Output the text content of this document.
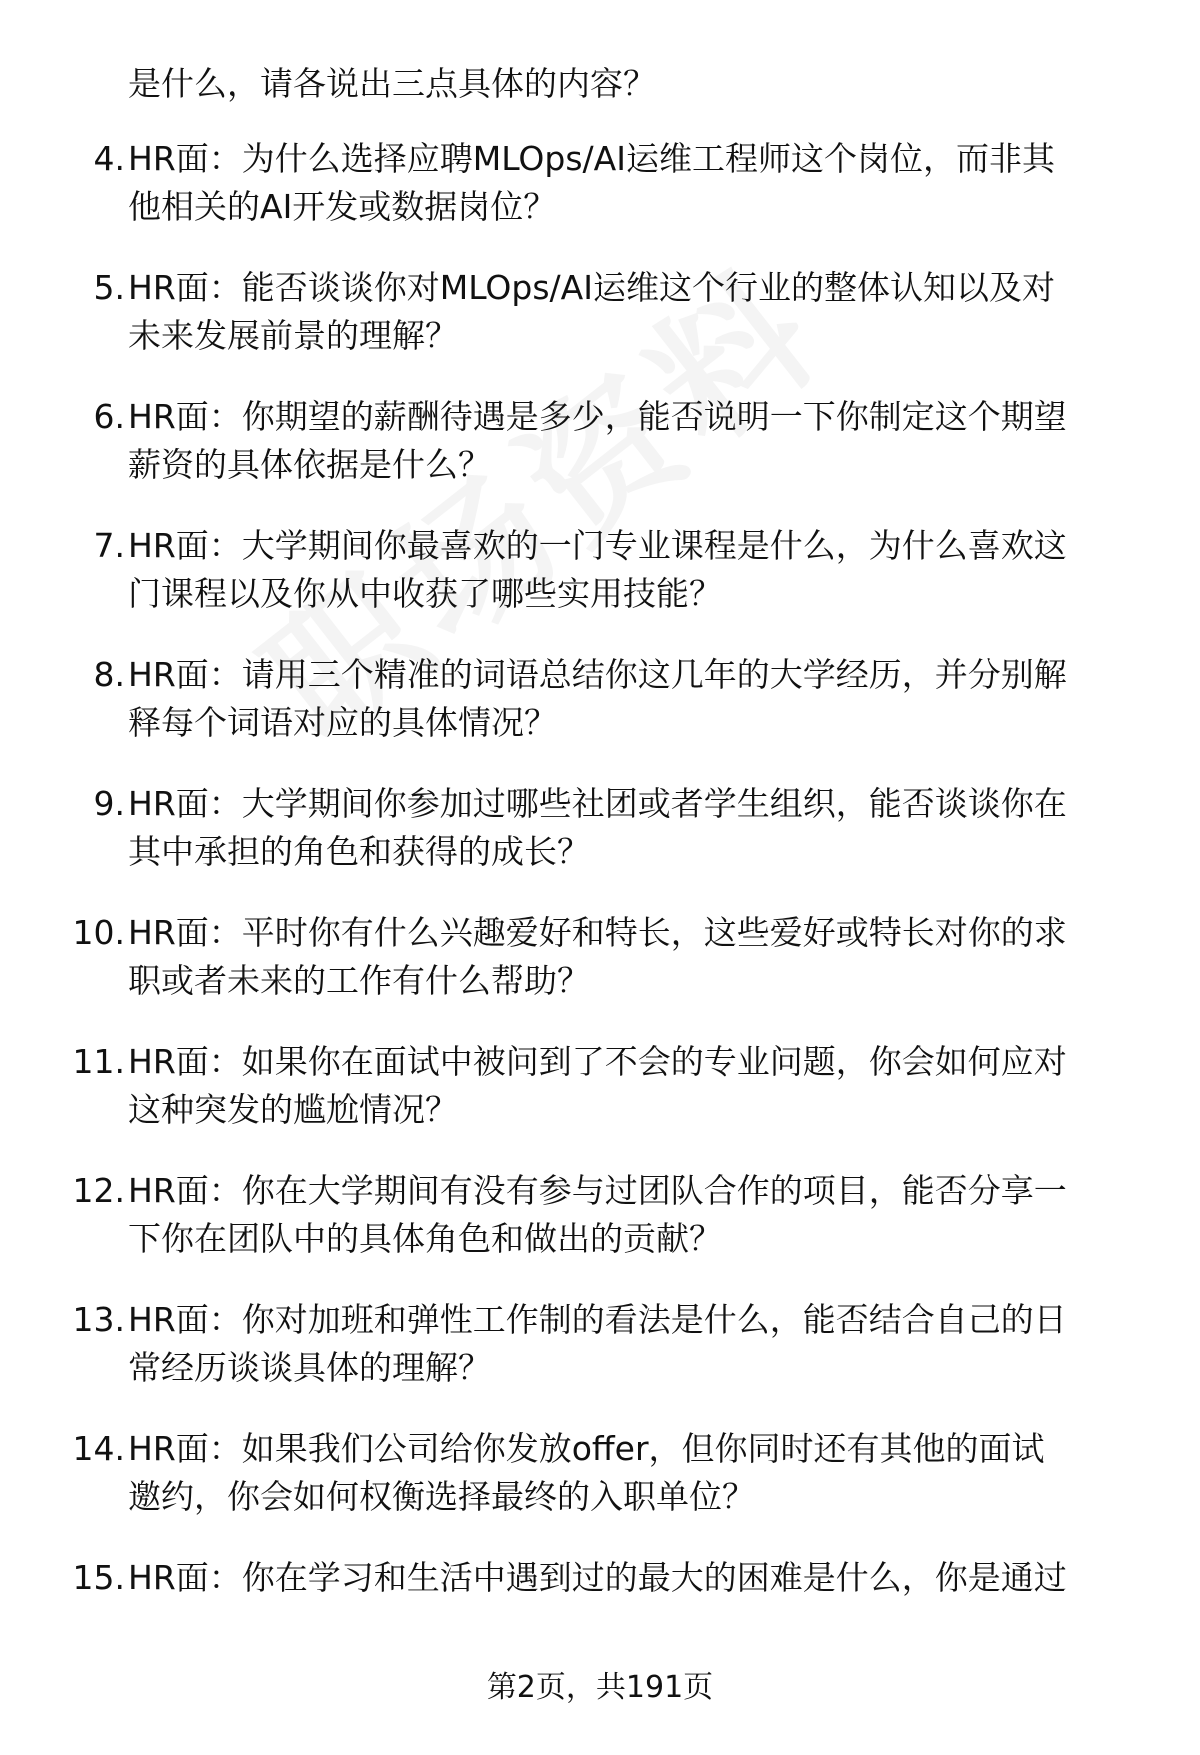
是什么，请各说出三点具体的内容？
4. HR面：为什么选择应聘MLOps/AI运维工程师这个岗位，而非其
他相关的AI开发或数据岗位？
5. HR面：能否谈谈你对MLOps/AI运维这个行业的整体认知以及对
未来发展前景的理解？
6. HR面：你期望的薪酬待遇是多少，能否说明一下你制定这个期望
薪资的具体依据是什么？
7. HR面：大学期间你最喜欢的一门专业课程是什么，为什么喜欢这
门课程以及你从中收获了哪些实用技能？
8. HR面：请用三个精准的词语总结你这几年的大学经历，并分别解
释每个词语对应的具体情况？
9. HR面：大学期间你参加过哪些社团或者学生组织，能否谈谈你在
其中承担的角色和获得的成长？
10. HR面：平时你有什么兴趣爱好和特长，这些爱好或特长对你的求
职或者未来的工作有什么帮助？
11. HR面：如果你在面试中被问到了不会的专业问题，你会如何应对
这种突发的尴尬情况？
12. HR面：你在大学期间有没有参与过团队合作的项目，能否分享一
下你在团队中的具体角色和做出的贡献？
13. HR面：你对加班和弹性工作制的看法是什么，能否结合自己的日
常经历谈谈具体的理解？
14. HR面：如果我们公司给你发放offer，但你同时还有其他的面试
邀约，你会如何权衡选择最终的入职单位？
15. HR面：你在学习和生活中遇到过的最大的困难是什么，你是通过
第2页，共191页
